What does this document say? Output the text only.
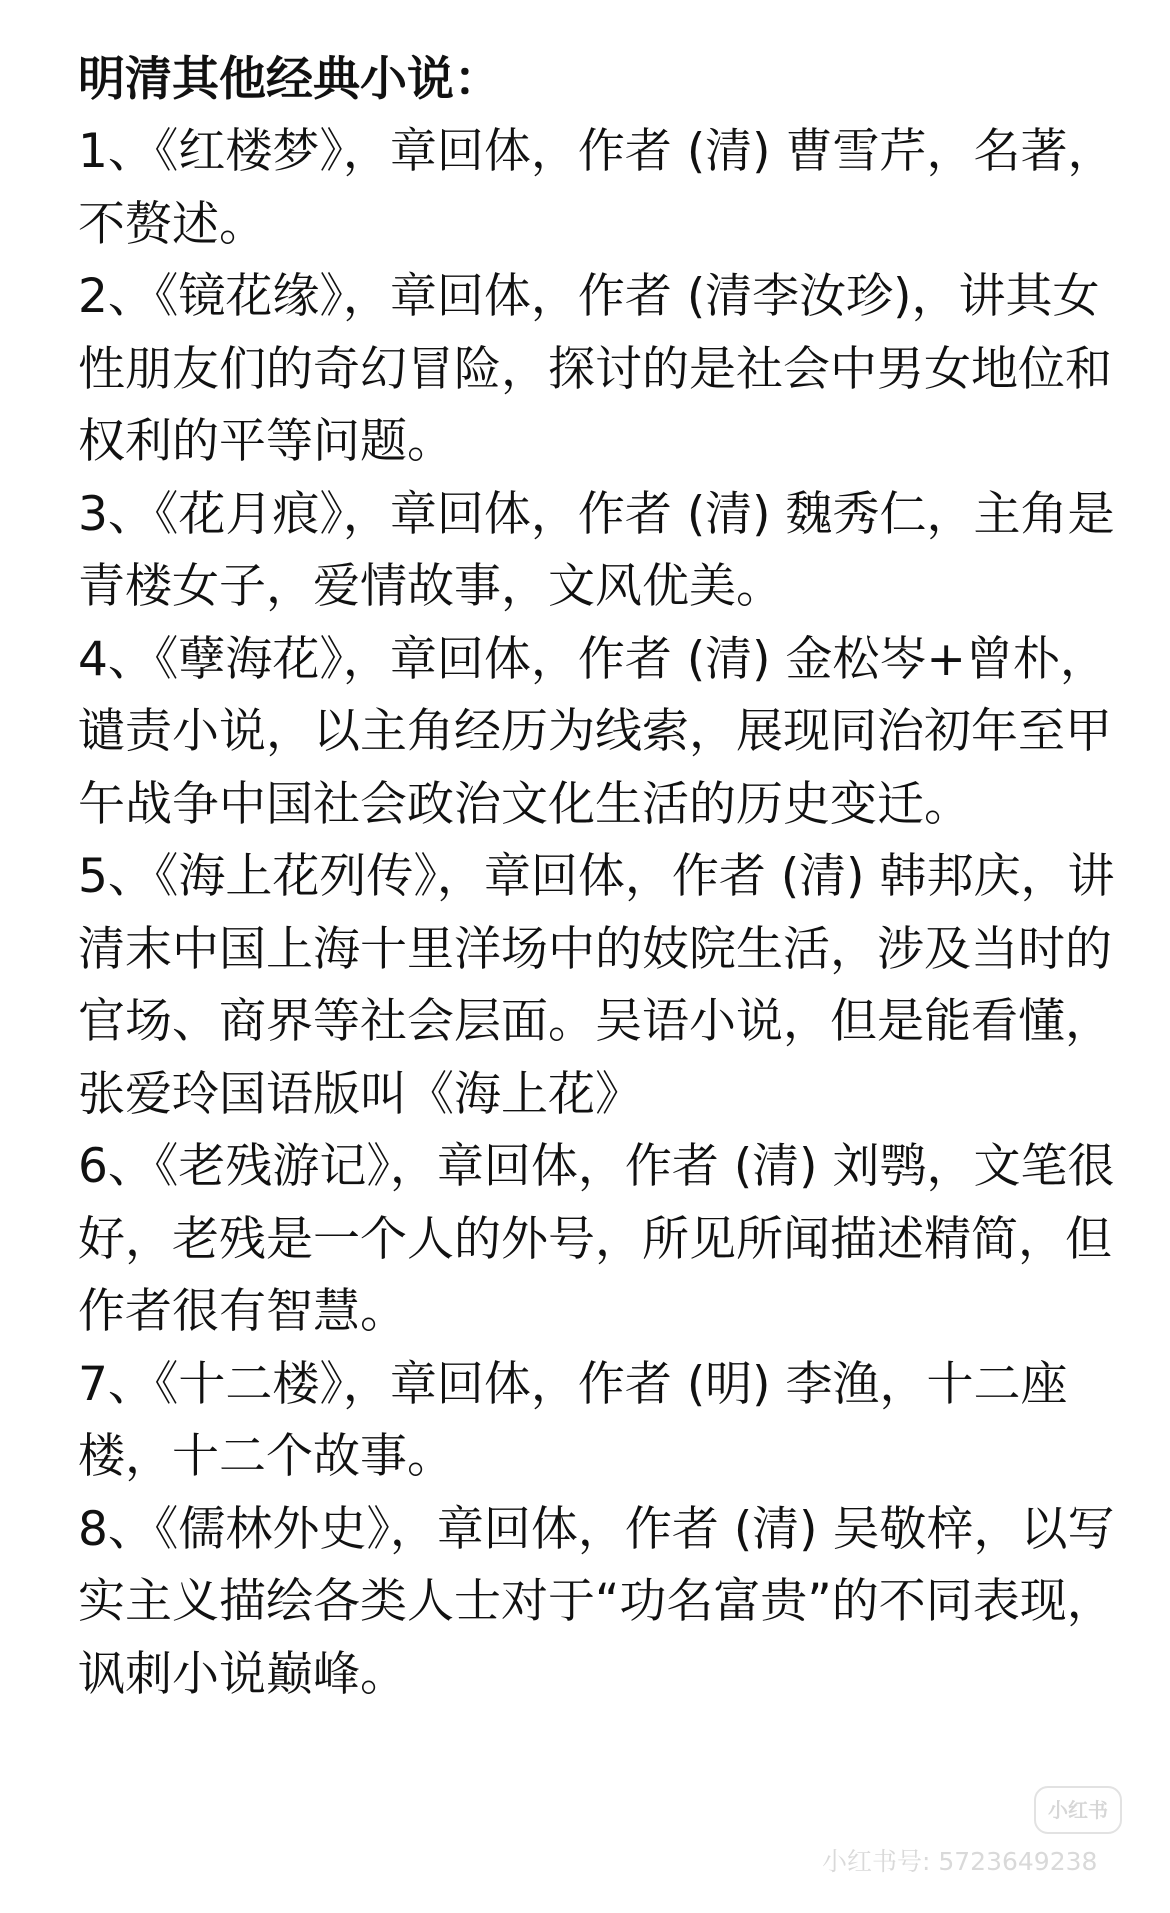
明清其他经典小说：

1、《红楼梦》，章回体，作者 (清) 曹雪芹，名著，不赘述。

2、《镜花缘》，章回体，作者 (清李汝珍)，讲其女性朋友们的奇幻冒险，探讨的是社会中男女地位和权利的平等问题。

3、《花月痕》，章回体，作者 (清) 魏秀仁，主角是青楼女子，爱情故事，文风优美。

4、《孽海花》，章回体，作者 (清) 金松岑+曾朴，谴责小说，以主角经历为线索，展现同治初年至甲午战争中国社会政治文化生活的历史变迁。

5、《海上花列传》，章回体，作者 (清) 韩邦庆，讲清末中国上海十里洋场中的妓院生活，涉及当时的官场、商界等社会层面。吴语小说，但是能看懂，张爱玲国语版叫《海上花》

6、《老残游记》，章回体，作者 (清) 刘鹗，文笔很好，老残是一个人的外号，所见所闻描述精简，但作者很有智慧。

7、《十二楼》，章回体，作者 (明) 李渔，十二座楼，十二个故事。

8、《儒林外史》，章回体，作者 (清) 吴敬梓，以写实主义描绘各类人士对于“功名富贵”的不同表现，讽刺小说巅峰。

小红书
小红书号: 5723649238
